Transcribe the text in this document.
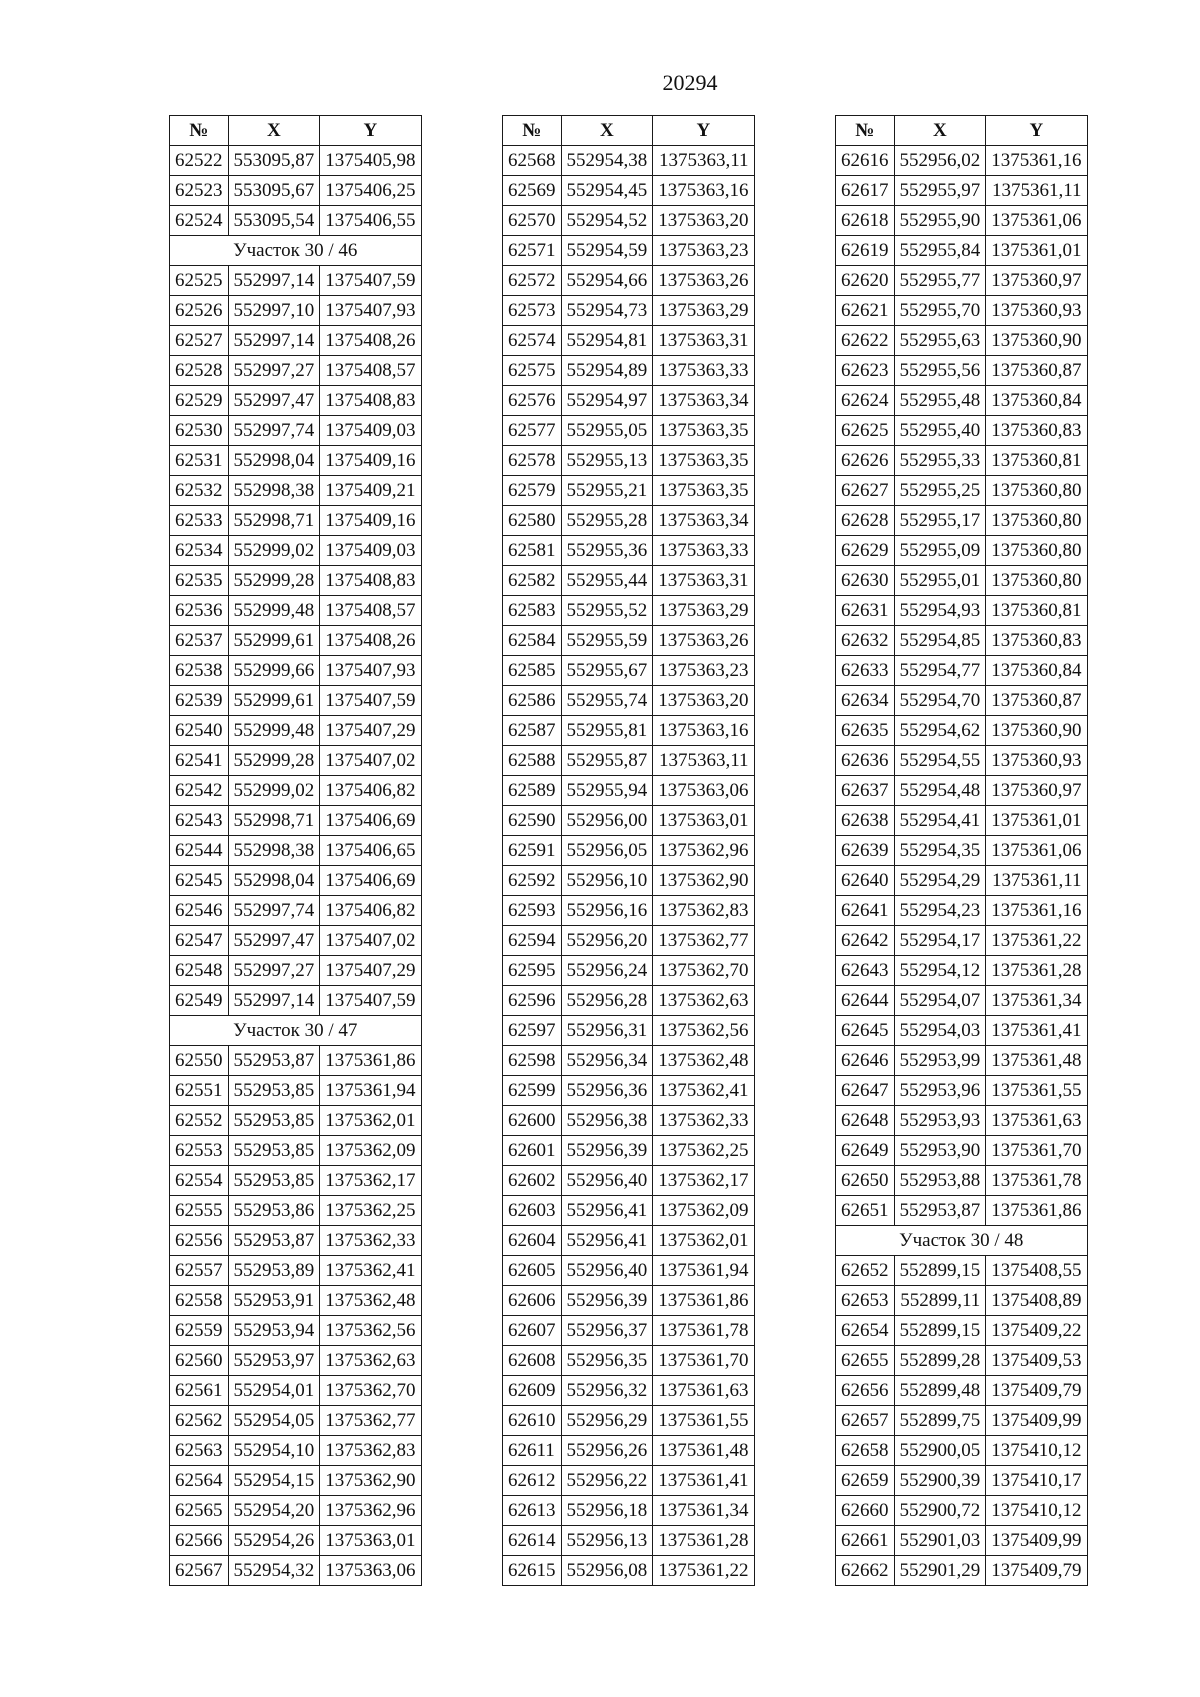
20294
№	X	Y
62522	553095,87	1375405,98
62523	553095,67	1375406,25
62524	553095,54	1375406,55
Участок 30 / 46		
62525	552997,14	1375407,59
62526	552997,10	1375407,93
62527	552997,14	1375408,26
62528	552997,27	1375408,57
62529	552997,47	1375408,83
62530	552997,74	1375409,03
62531	552998,04	1375409,16
62532	552998,38	1375409,21
62533	552998,71	1375409,16
62534	552999,02	1375409,03
62535	552999,28	1375408,83
62536	552999,48	1375408,57
62537	552999,61	1375408,26
62538	552999,66	1375407,93
62539	552999,61	1375407,59
62540	552999,48	1375407,29
62541	552999,28	1375407,02
62542	552999,02	1375406,82
62543	552998,71	1375406,69
62544	552998,38	1375406,65
62545	552998,04	1375406,69
62546	552997,74	1375406,82
62547	552997,47	1375407,02
62548	552997,27	1375407,29
62549	552997,14	1375407,59
Участок 30 / 47		
62550	552953,87	1375361,86
62551	552953,85	1375361,94
62552	552953,85	1375362,01
62553	552953,85	1375362,09
62554	552953,85	1375362,17
62555	552953,86	1375362,25
62556	552953,87	1375362,33
62557	552953,89	1375362,41
62558	552953,91	1375362,48
62559	552953,94	1375362,56
62560	552953,97	1375362,63
62561	552954,01	1375362,70
62562	552954,05	1375362,77
62563	552954,10	1375362,83
62564	552954,15	1375362,90
62565	552954,20	1375362,96
62566	552954,26	1375363,01
62567	552954,32	1375363,06
№	X	Y
62568	552954,38	1375363,11
62569	552954,45	1375363,16
62570	552954,52	1375363,20
62571	552954,59	1375363,23
62572	552954,66	1375363,26
62573	552954,73	1375363,29
62574	552954,81	1375363,31
62575	552954,89	1375363,33
62576	552954,97	1375363,34
62577	552955,05	1375363,35
62578	552955,13	1375363,35
62579	552955,21	1375363,35
62580	552955,28	1375363,34
62581	552955,36	1375363,33
62582	552955,44	1375363,31
62583	552955,52	1375363,29
62584	552955,59	1375363,26
62585	552955,67	1375363,23
62586	552955,74	1375363,20
62587	552955,81	1375363,16
62588	552955,87	1375363,11
62589	552955,94	1375363,06
62590	552956,00	1375363,01
62591	552956,05	1375362,96
62592	552956,10	1375362,90
62593	552956,16	1375362,83
62594	552956,20	1375362,77
62595	552956,24	1375362,70
62596	552956,28	1375362,63
62597	552956,31	1375362,56
62598	552956,34	1375362,48
62599	552956,36	1375362,41
62600	552956,38	1375362,33
62601	552956,39	1375362,25
62602	552956,40	1375362,17
62603	552956,41	1375362,09
62604	552956,41	1375362,01
62605	552956,40	1375361,94
62606	552956,39	1375361,86
62607	552956,37	1375361,78
62608	552956,35	1375361,70
62609	552956,32	1375361,63
62610	552956,29	1375361,55
62611	552956,26	1375361,48
62612	552956,22	1375361,41
62613	552956,18	1375361,34
62614	552956,13	1375361,28
62615	552956,08	1375361,22
№	X	Y
62616	552956,02	1375361,16
62617	552955,97	1375361,11
62618	552955,90	1375361,06
62619	552955,84	1375361,01
62620	552955,77	1375360,97
62621	552955,70	1375360,93
62622	552955,63	1375360,90
62623	552955,56	1375360,87
62624	552955,48	1375360,84
62625	552955,40	1375360,83
62626	552955,33	1375360,81
62627	552955,25	1375360,80
62628	552955,17	1375360,80
62629	552955,09	1375360,80
62630	552955,01	1375360,80
62631	552954,93	1375360,81
62632	552954,85	1375360,83
62633	552954,77	1375360,84
62634	552954,70	1375360,87
62635	552954,62	1375360,90
62636	552954,55	1375360,93
62637	552954,48	1375360,97
62638	552954,41	1375361,01
62639	552954,35	1375361,06
62640	552954,29	1375361,11
62641	552954,23	1375361,16
62642	552954,17	1375361,22
62643	552954,12	1375361,28
62644	552954,07	1375361,34
62645	552954,03	1375361,41
62646	552953,99	1375361,48
62647	552953,96	1375361,55
62648	552953,93	1375361,63
62649	552953,90	1375361,70
62650	552953,88	1375361,78
62651	552953,87	1375361,86
Участок 30 / 48		
62652	552899,15	1375408,55
62653	552899,11	1375408,89
62654	552899,15	1375409,22
62655	552899,28	1375409,53
62656	552899,48	1375409,79
62657	552899,75	1375409,99
62658	552900,05	1375410,12
62659	552900,39	1375410,17
62660	552900,72	1375410,12
62661	552901,03	1375409,99
62662	552901,29	1375409,79
